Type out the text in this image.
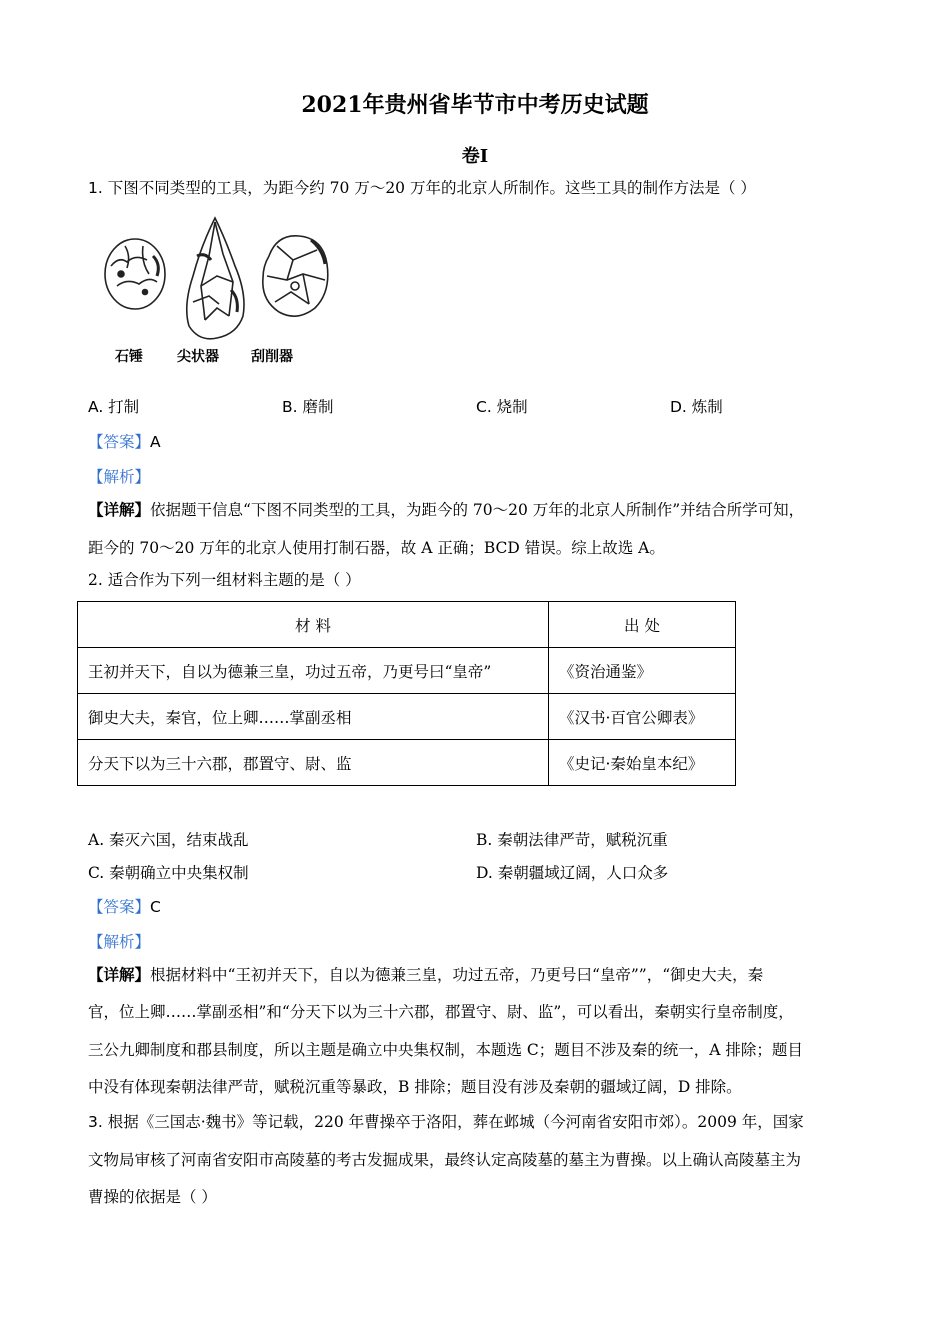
2021年贵州省毕节市中考历史试题
卷Ⅰ
1. 下图不同类型的工具，为距今约 70 万～20 万年的北京人所制作。这些工具的制作方法是（ ）
石锤 尖状器 刮削器
A. 打制	B. 磨制	C. 烧制	D. 炼制
【答案】A
【解析】
【详解】依据题干信息“下图不同类型的工具，为距今的 70～20 万年的北京人所制作”并结合所学可知，
距今的 70～20 万年的北京人使用打制石器，故 A 正确；BCD 错误。综上故选 A。
2. 适合作为下列一组材料主题的是（ ）
材 料	出 处
王初并天下，自以为德兼三皇，功过五帝，乃更号曰“皇帝”	《资治通鉴》
御史大夫，秦官，位上卿……掌副丞相	《汉书·百官公卿表》
分天下以为三十六郡，郡置守、尉、监	《史记·秦始皇本纪》
A. 秦灭六国，结束战乱	B. 秦朝法律严苛，赋税沉重
C. 秦朝确立中央集权制	D. 秦朝疆域辽阔，人口众多
【答案】C
【解析】
【详解】根据材料中“王初并天下，自以为德兼三皇，功过五帝，乃更号曰“皇帝””，“御史大夫，秦
官，位上卿……掌副丞相”和“分天下以为三十六郡，郡置守、尉、监”，可以看出，秦朝实行皇帝制度，
三公九卿制度和郡县制度，所以主题是确立中央集权制，本题选 C；题目不涉及秦的统一，A 排除；题目
中没有体现秦朝法律严苛，赋税沉重等暴政，B 排除；题目没有涉及秦朝的疆域辽阔，D 排除。
3. 根据《三国志·魏书》等记载，220 年曹操卒于洛阳，葬在邺城（今河南省安阳市郊）。2009 年，国家
文物局审核了河南省安阳市高陵墓的考古发掘成果，最终认定高陵墓的墓主为曹操。以上确认高陵墓主为
曹操的依据是（ ）
